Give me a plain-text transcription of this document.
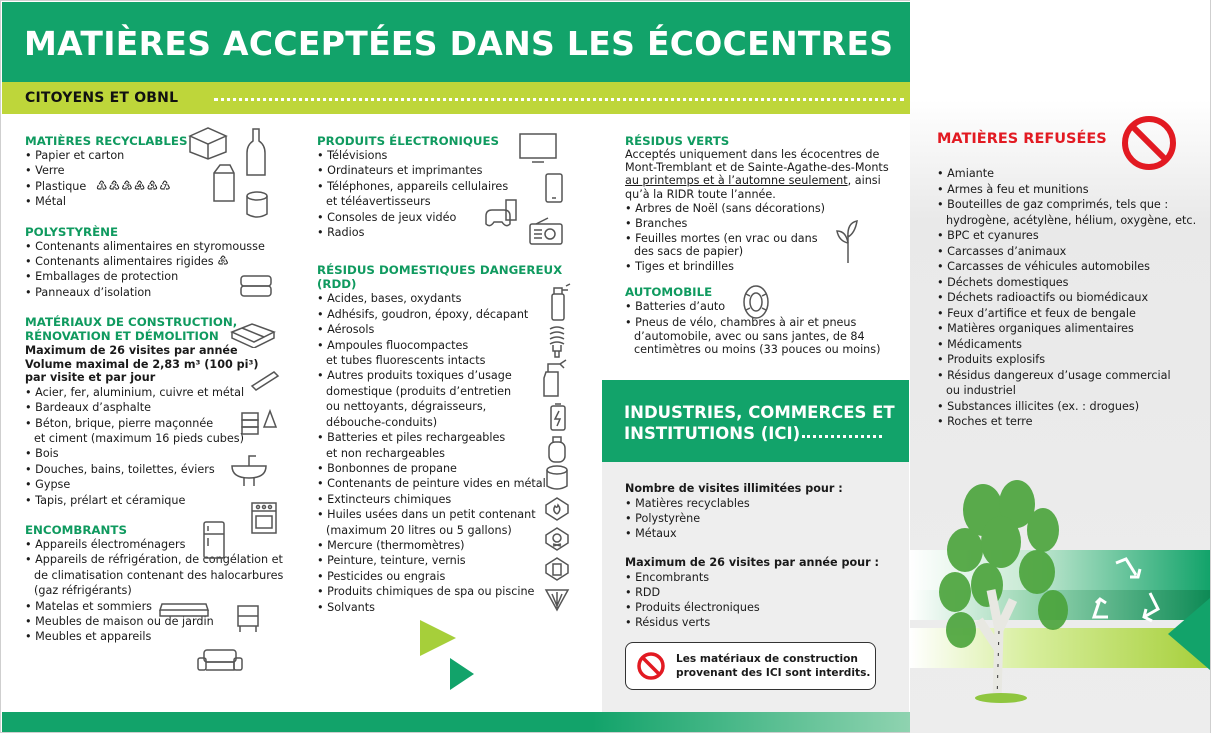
MATIÈRES ACCEPTÉES DANS LES ÉCOCENTRES
CITOYENS ET OBNL
MATIÈRES RECYCLABLES
• Papier et carton
• Verre
• Plastique ♳♴♵♶♷♹
• Métal
POLYSTYRÈNE
• Contenants alimentaires en styromousse
• Contenants alimentaires rigides ♸
• Emballages de protection
• Panneaux d’isolation
MATÉRIAUX DE CONSTRUCTION,
RÉNOVATION ET DÉMOLITION
Maximum de 26 visites par année
Volume maximal de 2,83 m³ (100 pi³)
par visite et par jour
• Acier, fer, aluminium, cuivre et métal
• Bardeaux d’asphalte
• Béton, brique, pierre maçonnée
et ciment (maximum 16 pieds cubes)
• Bois
• Douches, bains, toilettes, éviers
• Gypse
• Tapis, prélart et céramique
ENCOMBRANTS
• Appareils électroménagers
• Appareils de réfrigération, de congélation et
de climatisation contenant des halocarbures
(gaz réfrigérants)
• Matelas et sommiers
• Meubles de maison ou de jardin
• Meubles et appareils
PRODUITS ÉLECTRONIQUES
• Télévisions
• Ordinateurs et imprimantes
• Téléphones, appareils cellulaires
et téléavertisseurs
• Consoles de jeux vidéo
• Radios
RÉSIDUS DOMESTIQUES DANGEREUX (RDD)
• Acides, bases, oxydants
• Adhésifs, goudron, époxy, décapant
• Aérosols
• Ampoules fluocompactes
et tubes fluorescents intacts
• Autres produits toxiques d’usage
domestique (produits d’entretien
ou nettoyants, dégraisseurs,
débouche-conduits)
• Batteries et piles rechargeables
et non rechargeables
• Bonbonnes de propane
• Contenants de peinture vides en métal
• Extincteurs chimiques
• Huiles usées dans un petit contenant
(maximum 20 litres ou 5 gallons)
• Mercure (thermomètres)
• Peinture, teinture, vernis
• Pesticides ou engrais
• Produits chimiques de spa ou piscine
• Solvants
RÉSIDUS VERTS
Acceptés uniquement dans les écocentres de
Mont-Tremblant et de Sainte-Agathe-des-Monts
au printemps et à l’automne seulement, ainsi
qu’à la RIDR toute l’année.
• Arbres de Noël (sans décorations)
• Branches
• Feuilles mortes (en vrac ou dans
des sacs de papier)
• Tiges et brindilles
AUTOMOBILE
• Batteries d’auto
• Pneus de vélo, chambres à air et pneus
d’automobile, avec ou sans jantes, de 84
centimètres ou moins (33 pouces ou moins)
INDUSTRIES, COMMERCES ET
INSTITUTIONS (ICI)
Nombre de visites illimitées pour :
• Matières recyclables
• Polystyrène
• Métaux
Maximum de 26 visites par année pour :
• Encombrants
• RDD
• Produits électroniques
• Résidus verts
Les matériaux de construction
provenant des ICI sont interdits.
MATIÈRES REFUSÉES
• Amiante
• Armes à feu et munitions
• Bouteilles de gaz comprimés, tels que :
hydrogène, acétylène, hélium, oxygène, etc.
• BPC et cyanures
• Carcasses d’animaux
• Carcasses de véhicules automobiles
• Déchets domestiques
• Déchets radioactifs ou biomédicaux
• Feux d’artifice et feux de bengale
• Matières organiques alimentaires
• Médicaments
• Produits explosifs
• Résidus dangereux d’usage commercial
ou industriel
• Substances illicites (ex. : drogues)
• Roches et terre
